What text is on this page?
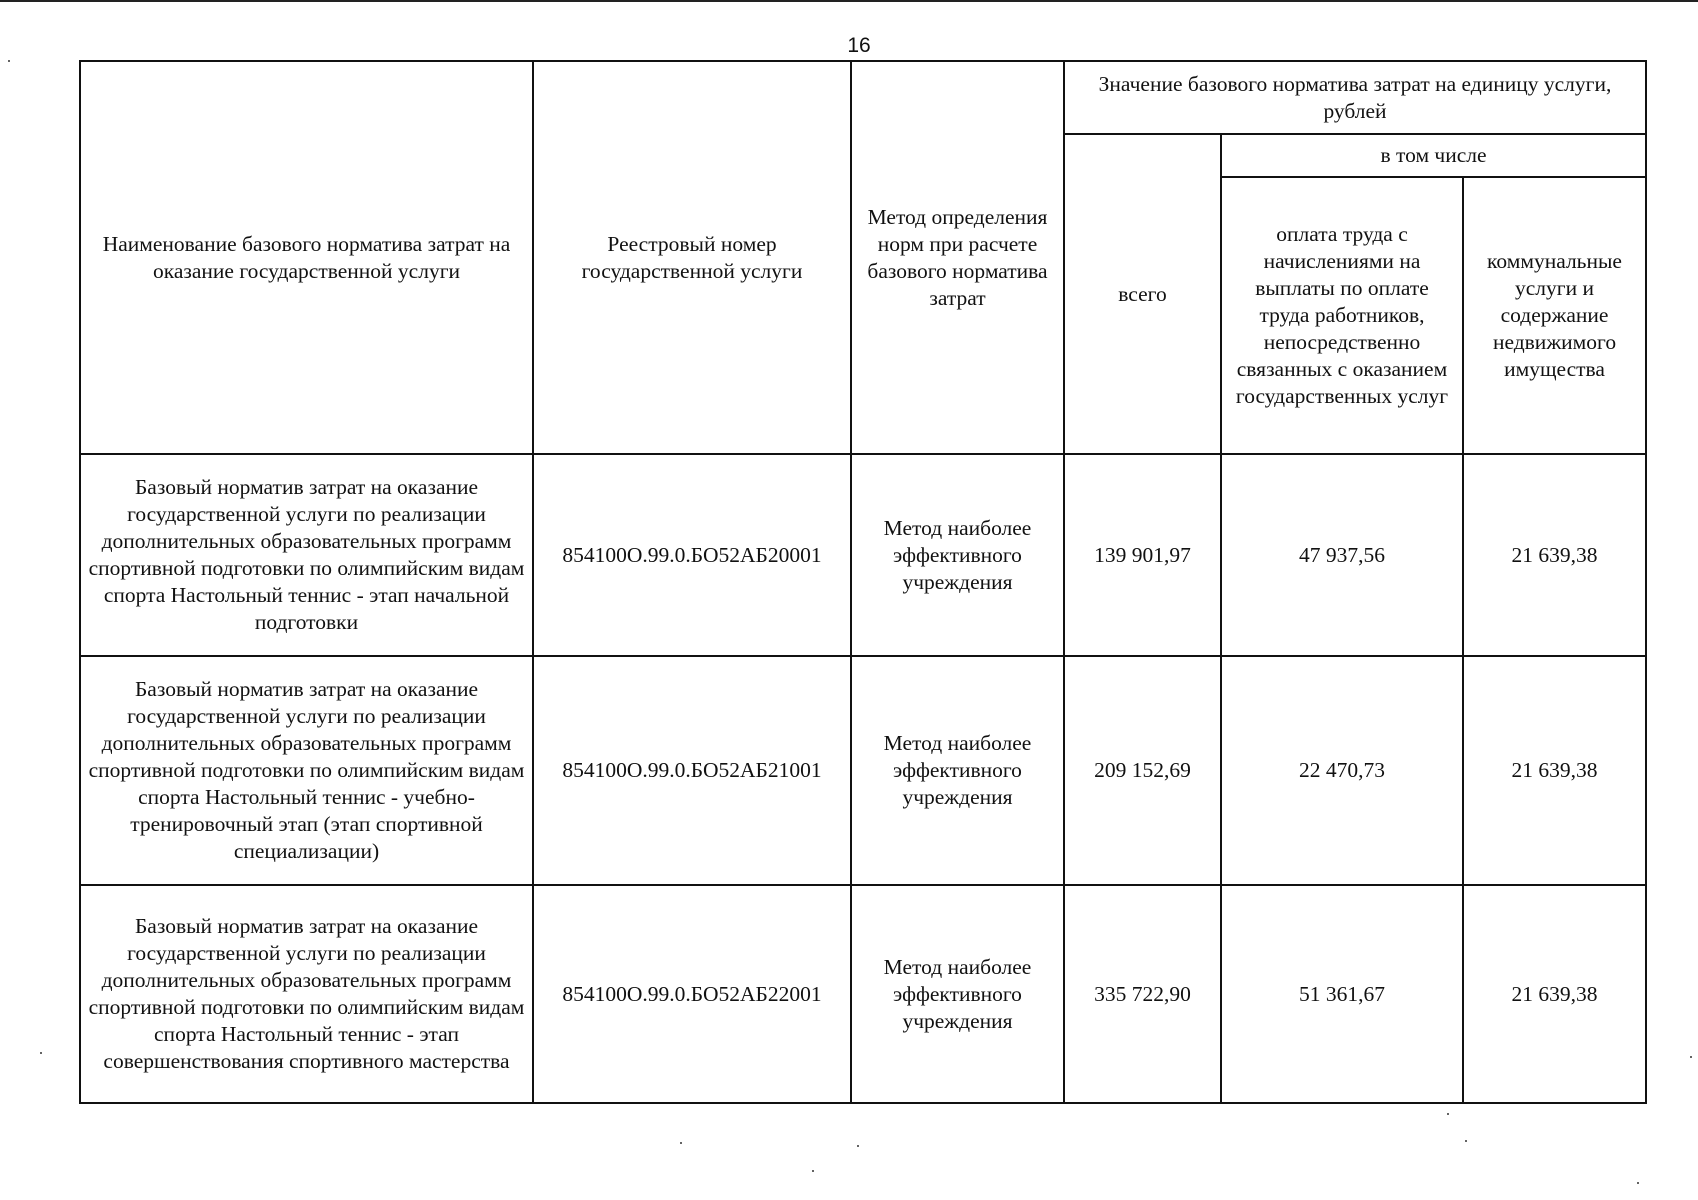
16
Наименование базового норматива затрат на оказание государственной услуги	Реестровый номер государственной услуги	Метод определения норм при расчете базового норматива затрат	Значение базового норматива затрат на единицу услуги, рублей		
			всего	в том числе	
				оплата труда с начислениями на выплаты по оплате труда работников, непосредственно связанных с оказанием государственных услуг	коммунальные услуги и содержание недвижимого имущества
Базовый норматив затрат на оказание государственной услуги по реализации дополнительных образовательных программ спортивной подготовки по олимпийским видам спорта Настольный теннис - этап начальной подготовки	854100О.99.0.БО52АБ20001	Метод наиболее эффективного учреждения	139 901,97	47 937,56	21 639,38
Базовый норматив затрат на оказание государственной услуги по реализации дополнительных образовательных программ спортивной подготовки по олимпийским видам спорта Настольный теннис - учебно-тренировочный этап (этап спортивной специализации)	854100О.99.0.БО52АБ21001	Метод наиболее эффективного учреждения	209 152,69	22 470,73	21 639,38
Базовый норматив затрат на оказание государственной услуги по реализации дополнительных образовательных программ спортивной подготовки по олимпийским видам спорта Настольный теннис - этап совершенствования спортивного мастерства	854100О.99.0.БО52АБ22001	Метод наиболее эффективного учреждения	335 722,90	51 361,67	21 639,38
